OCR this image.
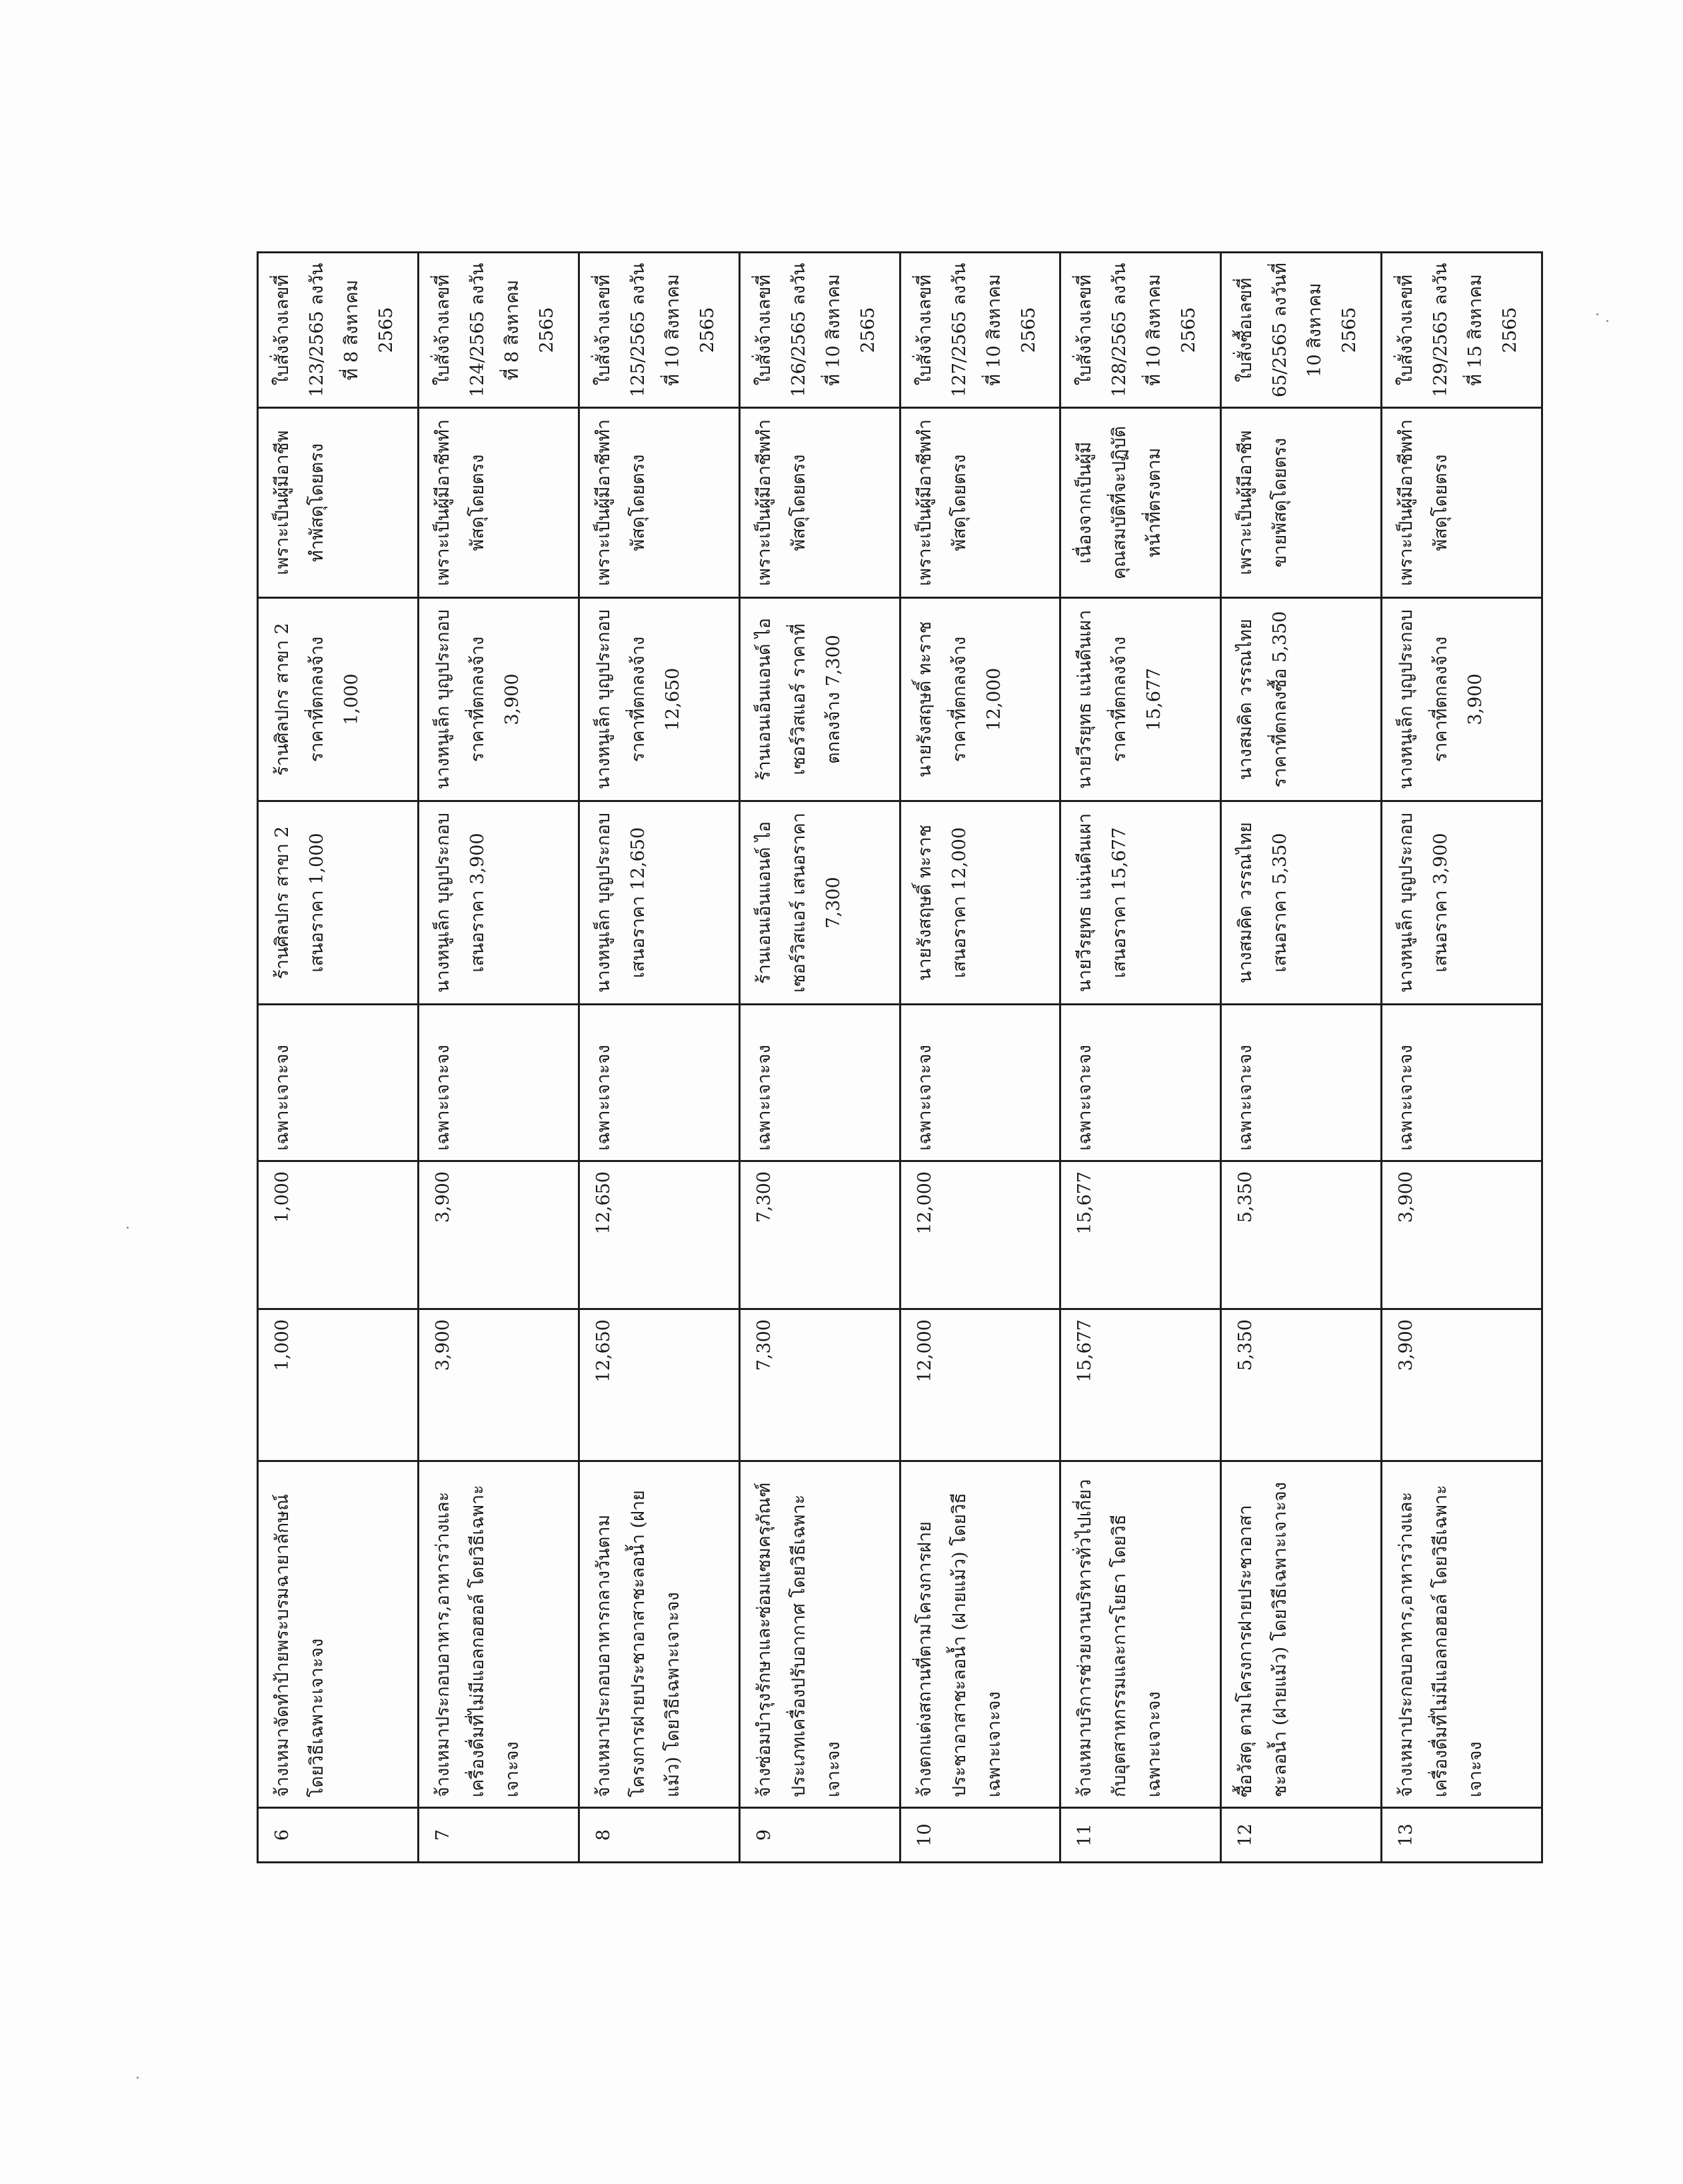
6	จ้างเหมาจัดทำป้ายพระบรมฉายาลักษณ์ โดยวิธีเฉพาะเจาะจง	1,000	1,000	เฉพาะเจาะจง	ร้านศิลปกร สาขา 2 เสนอราคา 1,000	ร้านศิลปกร สาขา 2 ราคาที่ตกลงจ้าง 1,000	เพราะเป็นผู้มีอาชีพ ทำพัสดุโดยตรง	ใบสั่งจ้างเลขที่ 123/2565 ลงวันที่ 8 สิงหาคม 2565
7	จ้างเหมาประกอบอาหาร,อาหารว่างและเครื่องดื่มที่ไม่มีแอลกอฮอล์ โดยวิธีเฉพาะเจาะจง	3,900	3,900	เฉพาะเจาะจง	นางหนูเล็ก บุญประกอบ เสนอราคา 3,900	นางหนูเล็ก บุญประกอบ ราคาที่ตกลงจ้าง 3,900	เพราะเป็นผู้มีอาชีพทำพัสดุโดยตรง	ใบสั่งจ้างเลขที่ 124/2565 ลงวันที่ 8 สิงหาคม 2565
8	จ้างเหมาประกอบอาหารกลางวันตามโครงการฝายประชาอาสาชะลอน้ำ (ฝายแม้ว) โดยวิธีเฉพาะเจาะจง	12,650	12,650	เฉพาะเจาะจง	นางหนูเล็ก บุญประกอบ เสนอราคา 12,650	นางหนูเล็ก บุญประกอบ ราคาที่ตกลงจ้าง 12,650	เพราะเป็นผู้มีอาชีพทำพัสดุโดยตรง	ใบสั่งจ้างเลขที่ 125/2565 ลงวันที่ 10 สิงหาคม 2565
9	จ้างซ่อมบำรุงรักษาและซ่อมแซมครุภัณฑ์ประเภทเครื่องปรับอากาศ โดยวิธีเฉพาะเจาะจง	7,300	7,300	เฉพาะเจาะจง	ร้านเอนเอ็นแอนด์ ไอเซอร์วิสแอร์ เสนอราคา 7,300	ร้านเอนเอ็นแอนด์ ไอเซอร์วิสแอร์ ราคาที่ตกลงจ้าง 7,300	เพราะเป็นผู้มีอาชีพทำพัสดุโดยตรง	ใบสั่งจ้างเลขที่ 126/2565 ลงวันที่ 10 สิงหาคม 2565
10	จ้างตกแต่งสถานที่ตามโครงการฝายประชาอาสาชะลอน้ำ (ฝายแม้ว) โดยวิธีเฉพาะเจาะจง	12,000	12,000	เฉพาะเจาะจง	นายรังสฤษดิ์ ทะราช เสนอราคา 12,000	นายรังสฤษดิ์ ทะราช ราคาที่ตกลงจ้าง 12,000	เพราะเป็นผู้มีอาชีพทำพัสดุโดยตรง	ใบสั่งจ้างเลขที่ 127/2565 ลงวันที่ 10 สิงหาคม 2565
11	จ้างเหมาบริการช่วยงานบริหารทั่วไปเกี่ยวกับอุตสาหกรรมและการโยธา โดยวิธีเฉพาะเจาะจง	15,677	15,677	เฉพาะเจาะจง	นายวีรยุทธ แน่นดีนเผา เสนอราคา 15,677	นายวีรยุทธ แน่นดีนเผา ราคาที่ตกลงจ้าง 15,677	เนื่องจากเป็นผู้มีคุณสมบัติที่จะปฏิบัติหน้าที่ตรงตาม	ใบสั่งจ้างเลขที่ 128/2565 ลงวันที่ 10 สิงหาคม 2565
12	ซื้อวัสดุ ตามโครงการฝายประชาอาสาชะลอน้ำ (ฝายแม้ว) โดยวิธีเฉพาะเจาะจง	5,350	5,350	เฉพาะเจาะจง	นางสมคิด วรรณไทย เสนอราคา 5,350	นางสมคิด วรรณไทย ราคาที่ตกลงซื้อ 5,350	เพราะเป็นผู้มีอาชีพขายพัสดุโดยตรง	ใบสั่งซื้อเลขที่ 65/2565 ลงวันที่ 10 สิงหาคม 2565
13	จ้างเหมาประกอบอาหาร,อาหารว่างและเครื่องดื่มที่ไม่มีแอลกอฮอล์ โดยวิธีเฉพาะเจาะจง	3,900	3,900	เฉพาะเจาะจง	นางหนูเล็ก บุญประกอบ เสนอราคา 3,900	นางหนูเล็ก บุญประกอบ ราคาที่ตกลงจ้าง 3,900	เพราะเป็นผู้มีอาชีพทำพัสดุโดยตรง	ใบสั่งจ้างเลขที่ 129/2565 ลงวันที่ 15 สิงหาคม 2565
